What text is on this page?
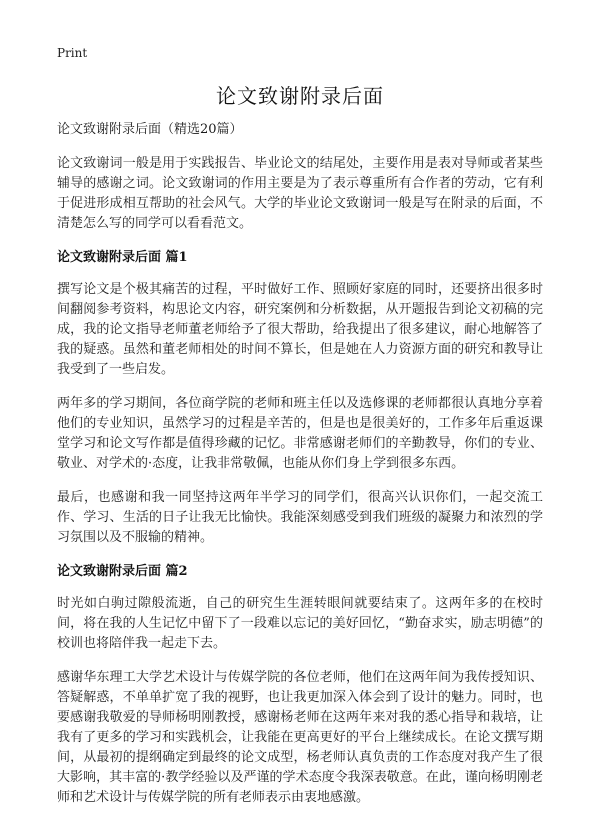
Print
论文致谢附录后面
论文致谢附录后面（精选20篇）

论文致谢词一般是用于实践报告、毕业论文的结尾处，主要作用是表对导师或者某些辅导的感谢之词。论文致谢词的作用主要是为了表示尊重所有合作者的劳动，它有利于促进形成相互帮助的社会风气。大学的毕业论文致谢词一般是写在附录的后面，不清楚怎么写的同学可以看看范文。

论文致谢附录后面 篇1

撰写论文是个极其痛苦的过程，平时做好工作、照顾好家庭的同时，还要挤出很多时间翻阅参考资料，构思论文内容，研究案例和分析数据，从开题报告到论文初稿的完成，我的论文指导老师董老师给予了很大帮助，给我提出了很多建议，耐心地解答了我的疑惑。虽然和董老师相处的时间不算长，但是她在人力资源方面的研究和教导让我受到了一些启发。

两年多的学习期间，各位商学院的老师和班主任以及选修课的老师都很认真地分享着他们的专业知识，虽然学习的过程是辛苦的，但是也是很美好的，工作多年后重返课堂学习和论文写作都是值得珍藏的记忆。非常感谢老师们的辛勤教导，你们的专业、敬业、对学术的·态度，让我非常敬佩，也能从你们身上学到很多东西。

最后，也感谢和我一同坚持这两年半学习的同学们，很高兴认识你们，一起交流工作、学习、生活的日子让我无比愉快。我能深刻感受到我们班级的凝聚力和浓烈的学习氛围以及不服输的精神。

论文致谢附录后面 篇2

时光如白驹过隙般流逝，自己的研究生生涯转眼间就要结束了。这两年多的在校时间，将在我的人生记忆中留下了一段难以忘记的美好回忆，“勤奋求实，励志明德”的校训也将陪伴我一起走下去。

感谢华东理工大学艺术设计与传媒学院的各位老师，他们在这两年间为我传授知识、答疑解惑，不单单扩宽了我的视野，也让我更加深入体会到了设计的魅力。同时，也要感谢我敬爱的导师杨明刚教授，感谢杨老师在这两年来对我的悉心指导和栽培，让我有了更多的学习和实践机会，让我能在更高更好的平台上继续成长。在论文撰写期间，从最初的提纲确定到最终的论文成型，杨老师认真负责的工作态度对我产生了很大影响，其丰富的·教学经验以及严谨的学术态度令我深表敬意。在此，谨向杨明刚老师和艺术设计与传媒学院的所有老师表示由衷地感激。
